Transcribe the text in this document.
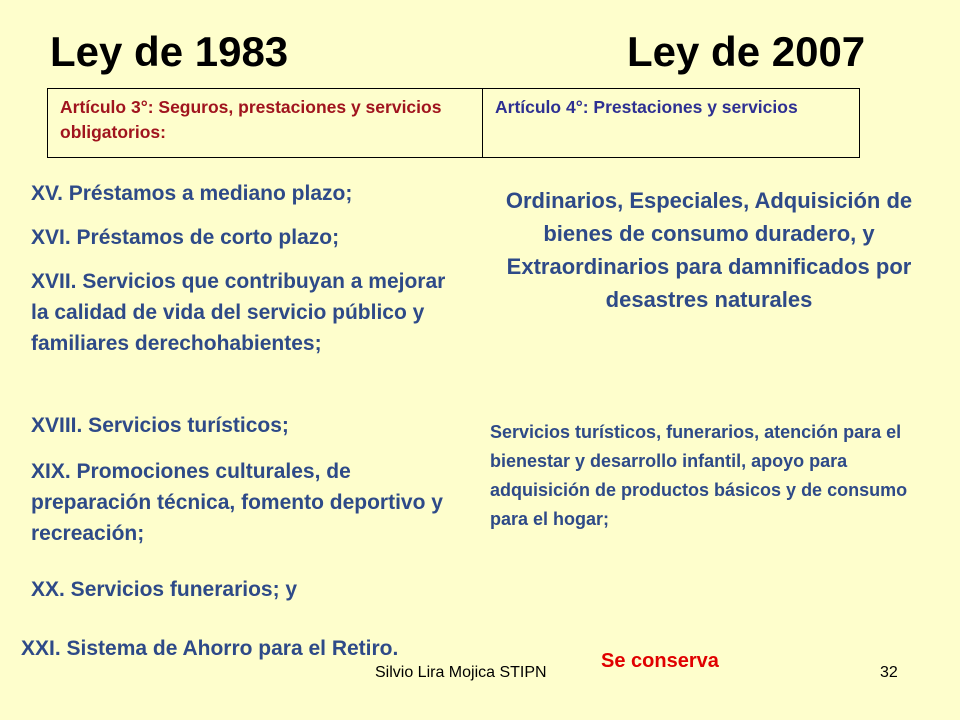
Ley de 1983	Ley de 2007
Artículo 3°: Seguros, prestaciones y servicios obligatorios:
Artículo 4°: Prestaciones y servicios
XV. Préstamos a mediano plazo;
XVI. Préstamos de corto plazo;
XVII. Servicios que contribuyan a mejorar la calidad de vida del servicio público y familiares derechohabientes;
XVIII. Servicios turísticos;
XIX. Promociones culturales, de preparación técnica, fomento deportivo y recreación;
XX. Servicios funerarios; y
XXI. Sistema de Ahorro para el Retiro.
Ordinarios, Especiales, Adquisición de bienes de consumo duradero, y Extraordinarios para damnificados por desastres naturales
Servicios turísticos, funerarios, atención para el bienestar y desarrollo infantil, apoyo para adquisición de productos básicos y de consumo para el hogar;
Se conserva
Silvio Lira Mojica STIPN	32
